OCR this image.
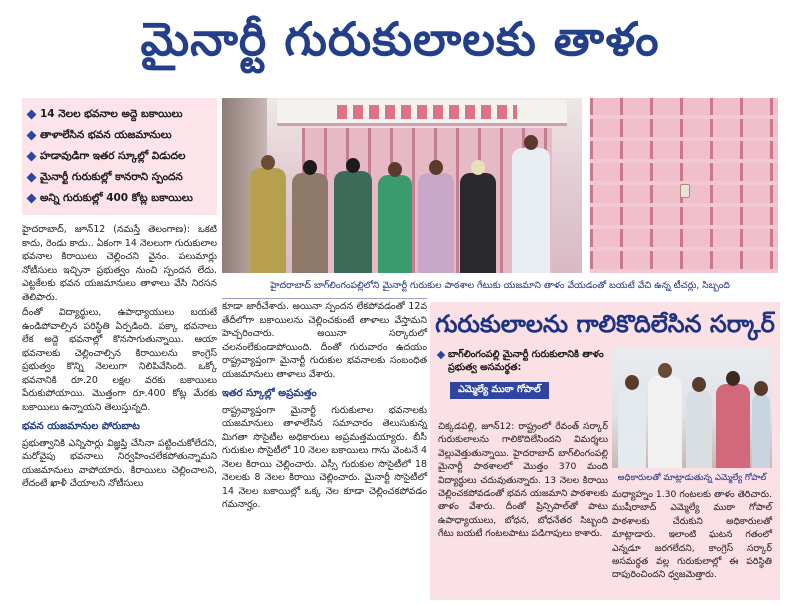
మైనార్టీ గురుకులాలకు తాళం
14 నెలల భవనాల అద్దె బకాయిలు
తాళాలేసిన భవన యజమానులు
హడావుడిగా ఇతర స్కూల్లో విడుదల
మైనార్టీ గురుకుల్లో కానరాని స్పందన
అన్ని గురుకుల్లో 400 కోట్ల బకాయిలు

హైదరాబాద్, జూన్12 (నమస్తే తెలంగాణ): ఒకటి కాదు, రెండు కాదు.. ఏకంగా 14 నెలలుగా గురుకులాల భవనాల కిరాయిలు చెల్లించని వైనం. పలుమార్లు నోటీసులు ఇచ్చినా ప్రభుత్వం నుంచి స్పందన లేదు. ఎట్టకేలకు భవన యజమానులు తాళాలు వేసి నిరసన తెలిపారు.

దీంతో విద్యార్థులు, ఉపాధ్యాయులు బయటే ఉండిపోవాల్సిన పరిస్థితి ఏర్పడింది. పక్కా భవనాలు లేక అద్దె భవనాల్లో కొనసాగుతున్నాయి. ఆయా భవనాలకు చెల్లించాల్సిన కిరాయిలను కాంగ్రెస్ ప్రభుత్వం కొన్ని నెలలుగా నిలిపివేసింది. ఒక్కో భవనానికి రూ.20 లక్షల వరకు బకాయిలు పేరుకుపోయాయి. మొత్తంగా రూ.400 కోట్ల మేరకు బకాయిలు ఉన్నాయని తెలుస్తున్నది.

భవన యజమానుల పోరుబాట

ప్రభుత్వానికి ఎన్నిసార్లు విజ్ఞప్తి చేసినా పట్టించుకోలేదని, మరోవైపు భవనాలు నిర్వహించలేకపోతున్నామని యజమానులు వాపోయారు. కిరాయిలు చెల్లించాలని, లేదంటే ఖాళీ చేయాలని నోటీసులు

హైదరాబాద్ బాగ్‌లింగంపల్లిలోని మైనార్టీ గురుకుల పాఠశాల గేటుకు యజమాని తాళం వేయడంతో బయటే వేచి ఉన్న టీచర్లు, సిబ్బంది

కూడా జారీచేశారు. అయినా స్పందన లేకపోవడంతో 12వ తేదీలోగా బకాయిలను చెల్లించకుంటే తాళాలు వేస్తామని హెచ్చరించారు. అయినా సర్కారులో చలనంలేకుండాపోయింది. దీంతో గురువారం ఉదయం రాష్ట్రవ్యాప్తంగా మైనార్టీ గురుకుల భవనాలకు సంబంధిత యజమానులు తాళాలు వేశారు.

ఇతర స్కూల్లో అప్రమత్తం

రాష్ట్రవ్యాప్తంగా మైనార్టీ గురుకులాల భవనాలకు యజమానులు తాళాలేసిన సమాచారం తెలుసుకున్న మిగతా సొసైటీల అధికారులు అప్రమత్తమయ్యారు. బీసీ గురుకుల సొసైటీలో 10 నెలల బకాయిలు గాను వెంటనే 4 నెలల కిరాయి చెల్లించారు. ఎస్సీ గురుకుల సొసైటీలో 18 నెలలకు 8 నెలల కిరాయి చెల్లించారు. మైనార్టీ సొసైటీలో 14 నెలల బకాయిల్లో ఒక్క నెల కూడా చెల్లించకపోవడం గమనార్హం.

గురుకులాలను గాలికొదిలేసిన సర్కార్
బాగ్‌లింగంపల్లి మైనార్టీ గురుకులానికి తాళం ప్రభుత్వ అసమర్థత:
ఎమ్మెల్యే ముఠా గోపాల్
చిక్కడపల్లి, జూన్12: రాష్ట్రంలో రేవంత్ సర్కార్ గురుకులాలను గాలికొదిలేసిందని విమర్శలు వెల్లువెత్తుతున్నాయి. హైదరాబాద్ బాగ్‌లింగంపల్లి మైనార్టీ పాఠశాలలో మొత్తం 370 మంది విద్యార్థులు చదువుతున్నారు. 13 నెలల కిరాయి చెల్లించకపోవడంతో భవన యజమాని పాఠశాలకు తాళం వేశారు. దీంతో ప్రిన్సిపాల్‌తో పాటు ఉపాధ్యాయులు, బోధన, బోధనేతర సిబ్బంది గేటు బయటే గంటలపాటు పడిగాపులు కాశారు.
అధికారులతో మాట్లాడుతున్న ఎమ్మెల్యే గోపాల్
మధ్యాహ్నం 1.30 గంటలకు తాళం తెరిచారు. ముషీరాబాద్ ఎమ్మెల్యే ముఠా గోపాల్ పాఠశాలకు చేరుకుని అధికారులతో మాట్లాడారు. ఇలాంటి ఘటన గతంలో ఎన్నడూ జరగలేదని, కాంగ్రెస్ సర్కార్ అసమర్థత వల్ల గురుకులాల్లో ఈ పరిస్థితి దాపురించిందని ధ్వజమెత్తారు.
